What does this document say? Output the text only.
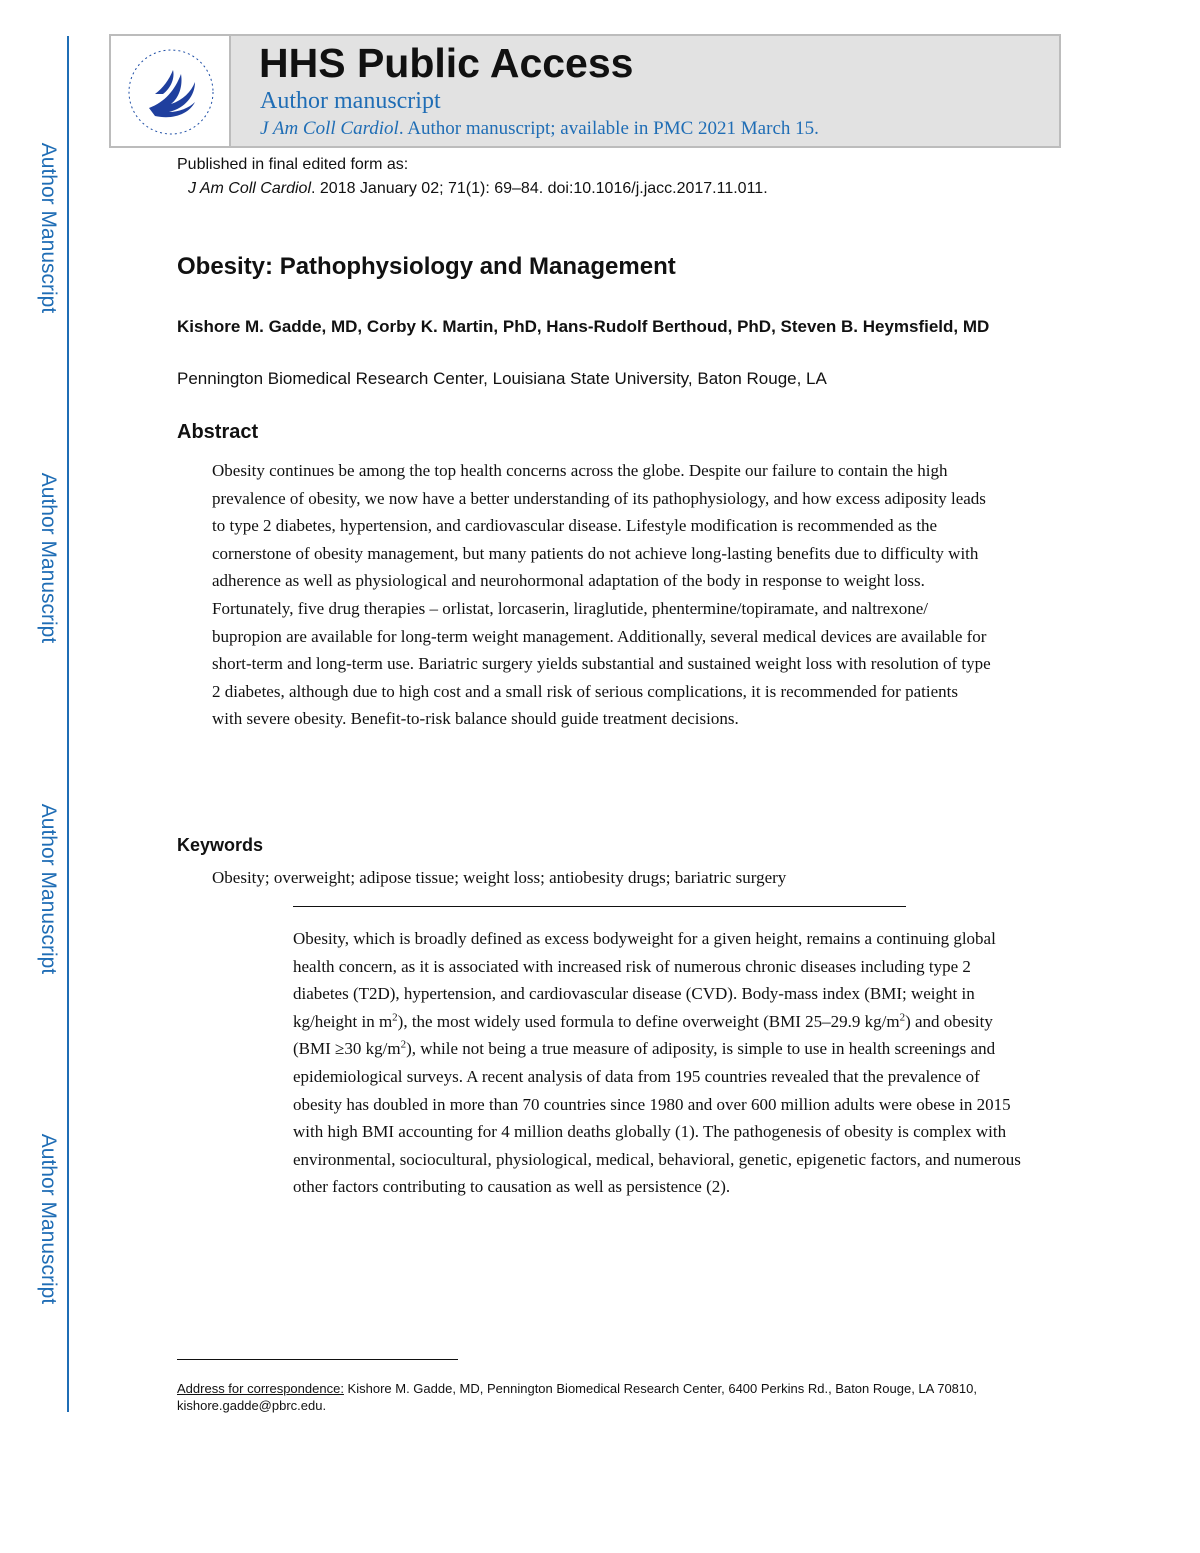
Author Manuscript
Author Manuscript
Author Manuscript
Author Manuscript
HHS Public Access
Author manuscript
J Am Coll Cardiol. Author manuscript; available in PMC 2021 March 15.
Published in final edited form as:
J Am Coll Cardiol. 2018 January 02; 71(1): 69–84. doi:10.1016/j.jacc.2017.11.011.
Obesity: Pathophysiology and Management
Kishore M. Gadde, MD, Corby K. Martin, PhD, Hans-Rudolf Berthoud, PhD, Steven B. Heymsfield, MD
Pennington Biomedical Research Center, Louisiana State University, Baton Rouge, LA
Abstract
Obesity continues be among the top health concerns across the globe. Despite our failure to contain the high prevalence of obesity, we now have a better understanding of its pathophysiology, and how excess adiposity leads to type 2 diabetes, hypertension, and cardiovascular disease. Lifestyle modification is recommended as the cornerstone of obesity management, but many patients do not achieve long-lasting benefits due to difficulty with adherence as well as physiological and neurohormonal adaptation of the body in response to weight loss. Fortunately, five drug therapies – orlistat, lorcaserin, liraglutide, phentermine/topiramate, and naltrexone/ bupropion are available for long-term weight management. Additionally, several medical devices are available for short-term and long-term use. Bariatric surgery yields substantial and sustained weight loss with resolution of type 2 diabetes, although due to high cost and a small risk of serious complications, it is recommended for patients with severe obesity. Benefit-to-risk balance should guide treatment decisions.
Keywords
Obesity; overweight; adipose tissue; weight loss; antiobesity drugs; bariatric surgery
Obesity, which is broadly defined as excess bodyweight for a given height, remains a continuing global health concern, as it is associated with increased risk of numerous chronic diseases including type 2 diabetes (T2D), hypertension, and cardiovascular disease (CVD). Body-mass index (BMI; weight in kg/height in $m^2$), the most widely used formula to define overweight (BMI 25–29.9 $kg/m^2$) and obesity (BMI ≥30 $kg/m^2$), while not being a true measure of adiposity, is simple to use in health screenings and epidemiological surveys. A recent analysis of data from 195 countries revealed that the prevalence of obesity has doubled in more than 70 countries since 1980 and over 600 million adults were obese in 2015 with high BMI accounting for 4 million deaths globally (1). The pathogenesis of obesity is complex with environmental, sociocultural, physiological, medical, behavioral, genetic, epigenetic factors, and numerous other factors contributing to causation as well as persistence (2).
Address for correspondence: Kishore M. Gadde, MD, Pennington Biomedical Research Center, 6400 Perkins Rd., Baton Rouge, LA 70810, kishore.gadde@pbrc.edu.
